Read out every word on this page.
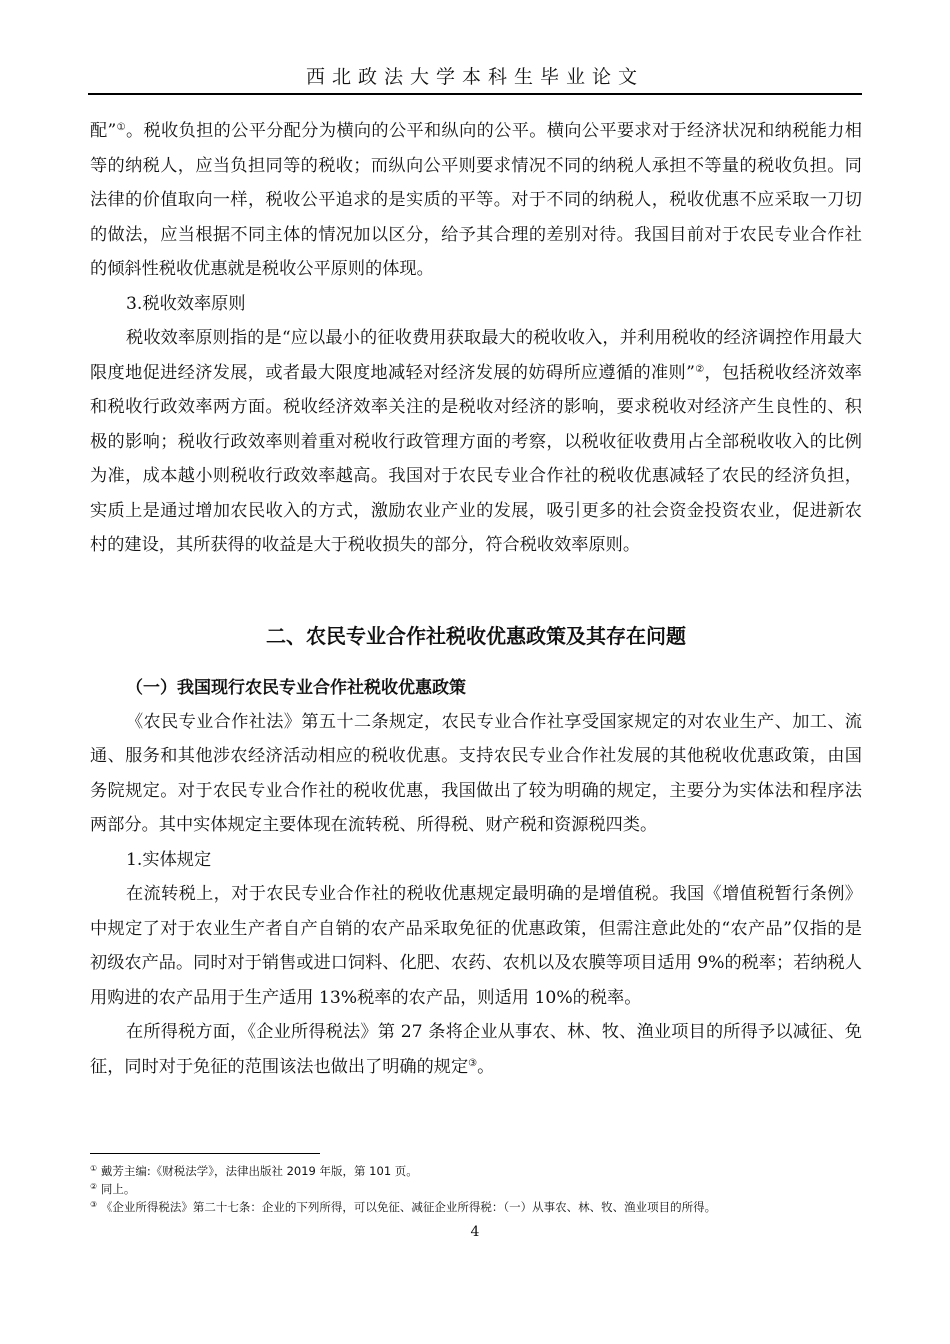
西北政法大学本科生毕业论文

配”①。税收负担的公平分配分为横向的公平和纵向的公平。横向公平要求对于经济状况和纳税能力相等的纳税人，应当负担同等的税收；而纵向公平则要求情况不同的纳税人承担不等量的税收负担。同法律的价值取向一样，税收公平追求的是实质的平等。对于不同的纳税人，税收优惠不应采取一刀切的做法，应当根据不同主体的情况加以区分，给予其合理的差别对待。我国目前对于农民专业合作社的倾斜性税收优惠就是税收公平原则的体现。

3.税收效率原则

税收效率原则指的是“应以最小的征收费用获取最大的税收收入，并利用税收的经济调控作用最大限度地促进经济发展，或者最大限度地减轻对经济发展的妨碍所应遵循的准则”②，包括税收经济效率和税收行政效率两方面。税收经济效率关注的是税收对经济的影响，要求税收对经济产生良性的、积极的影响；税收行政效率则着重对税收行政管理方面的考察，以税收征收费用占全部税收收入的比例为准，成本越小则税收行政效率越高。我国对于农民专业合作社的税收优惠减轻了农民的经济负担，实质上是通过增加农民收入的方式，激励农业产业的发展，吸引更多的社会资金投资农业，促进新农村的建设，其所获得的收益是大于税收损失的部分，符合税收效率原则。

二、农民专业合作社税收优惠政策及其存在问题

（一）我国现行农民专业合作社税收优惠政策

《农民专业合作社法》第五十二条规定，农民专业合作社享受国家规定的对农业生产、加工、流通、服务和其他涉农经济活动相应的税收优惠。支持农民专业合作社发展的其他税收优惠政策，由国务院规定。对于农民专业合作社的税收优惠，我国做出了较为明确的规定，主要分为实体法和程序法两部分。其中实体规定主要体现在流转税、所得税、财产税和资源税四类。

1.实体规定

在流转税上，对于农民专业合作社的税收优惠规定最明确的是增值税。我国《增值税暂行条例》中规定了对于农业生产者自产自销的农产品采取免征的优惠政策，但需注意此处的“农产品”仅指的是初级农产品。同时对于销售或进口饲料、化肥、农药、农机以及农膜等项目适用 9%的税率；若纳税人用购进的农产品用于生产适用 13%税率的农产品，则适用 10%的税率。

在所得税方面，《企业所得税法》第 27 条将企业从事农、林、牧、渔业项目的所得予以减征、免征，同时对于免征的范围该法也做出了明确的规定③。

① 戴芳主编:《财税法学》，法律出版社 2019 年版，第 101 页。
② 同上。
③ 《企业所得税法》第二十七条：企业的下列所得，可以免征、减征企业所得税：（一）从事农、林、牧、渔业项目的所得。
4
